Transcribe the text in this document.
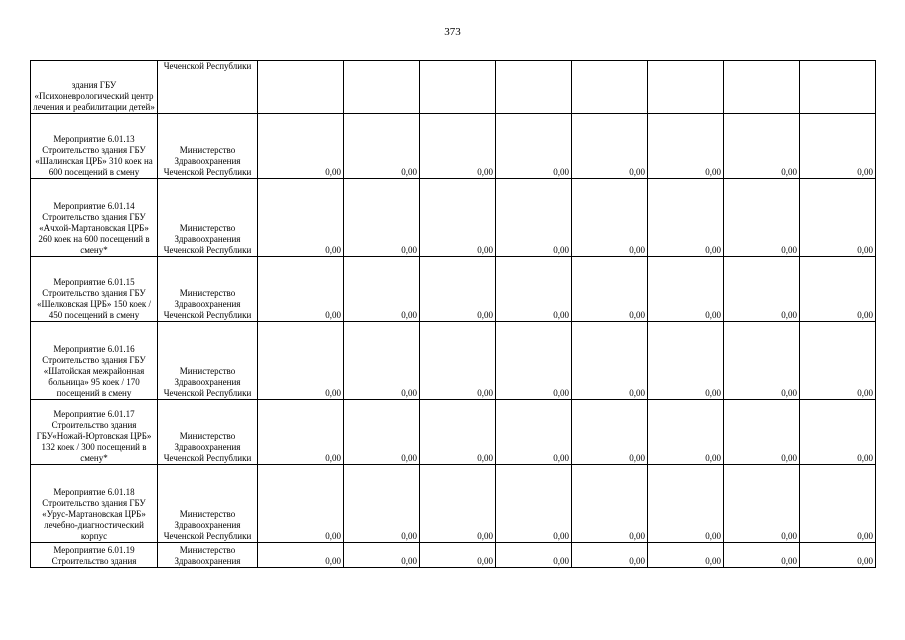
373
здания ГБУ «Психоневрологический центр лечения и реабилитации детей»	Чеченской Республики								
Мероприятие 6.01.13 Строительство здания ГБУ «Шалинская ЦРБ» 310 коек на 600 посещений в смену	Министерство Здравоохранения Чеченской Республики	0,00	0,00	0,00	0,00	0,00	0,00	0,00	0,00
Мероприятие 6.01.14 Строительство здания ГБУ «Ачхой-Мартановская ЦРБ» 260 коек на 600 посещений в смену*	Министерство Здравоохранения Чеченской Республики	0,00	0,00	0,00	0,00	0,00	0,00	0,00	0,00
Мероприятие 6.01.15 Строительство здания ГБУ «Шелковская ЦРБ» 150 коек / 450 посещений в смену	Министерство Здравоохранения Чеченской Республики	0,00	0,00	0,00	0,00	0,00	0,00	0,00	0,00
Мероприятие 6.01.16 Строительство здания ГБУ «Шатойская межрайонная больница» 95 коек / 170 посещений в смену	Министерство Здравоохранения Чеченской Республики	0,00	0,00	0,00	0,00	0,00	0,00	0,00	0,00
Мероприятие 6.01.17 Строительство здания ГБУ«Ножай-Юртовская ЦРБ» 132 коек / 300 посещений в смену*	Министерство Здравоохранения Чеченской Республики	0,00	0,00	0,00	0,00	0,00	0,00	0,00	0,00
Мероприятие 6.01.18 Строительство здания ГБУ «Урус-Мартановская ЦРБ» лечебно-диагностический корпус	Министерство Здравоохранения Чеченской Республики	0,00	0,00	0,00	0,00	0,00	0,00	0,00	0,00
Мероприятие 6.01.19 Строительство здания	Министерство Здравоохранения	0,00	0,00	0,00	0,00	0,00	0,00	0,00	0,00
